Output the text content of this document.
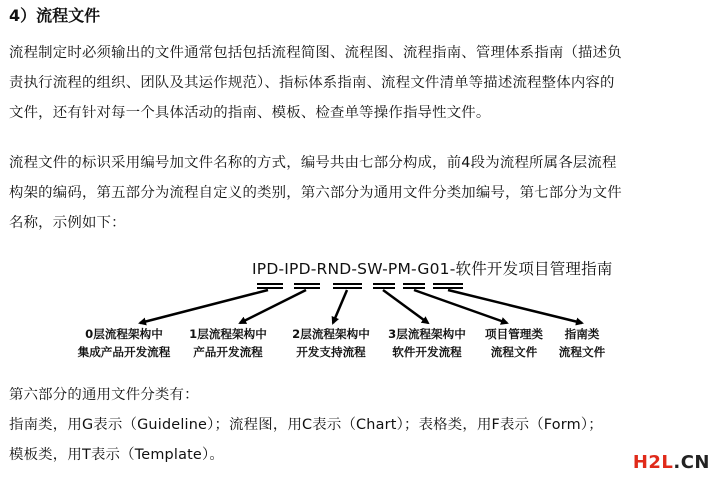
4）流程文件
流程制定时必须输出的文件通常包括包括流程简图、流程图、流程指南、管理体系指南（描述负
责执行流程的组织、团队及其运作规范）、指标体系指南、流程文件清单等描述流程整体内容的
文件，还有针对每一个具体活动的指南、模板、检查单等操作指导性文件。
流程文件的标识采用编号加文件名称的方式，编号共由七部分构成，前4段为流程所属各层流程
构架的编码，第五部分为流程自定义的类别，第六部分为通用文件分类加编号，第七部分为文件
名称，示例如下：
IPD-IPD-RND-SW-PM-G01-软件开发项目管理指南
0层流程架构中
集成产品开发流程
1层流程架构中
产品开发流程
2层流程架构中
开发支持流程
3层流程架构中
软件开发流程
项目管理类
流程文件
指南类
流程文件
第六部分的通用文件分类有：
指南类，用G表示（Guideline）；流程图，用C表示（Chart）；表格类，用F表示（Form）；
模板类，用T表示（Template）。	H2L.CN
